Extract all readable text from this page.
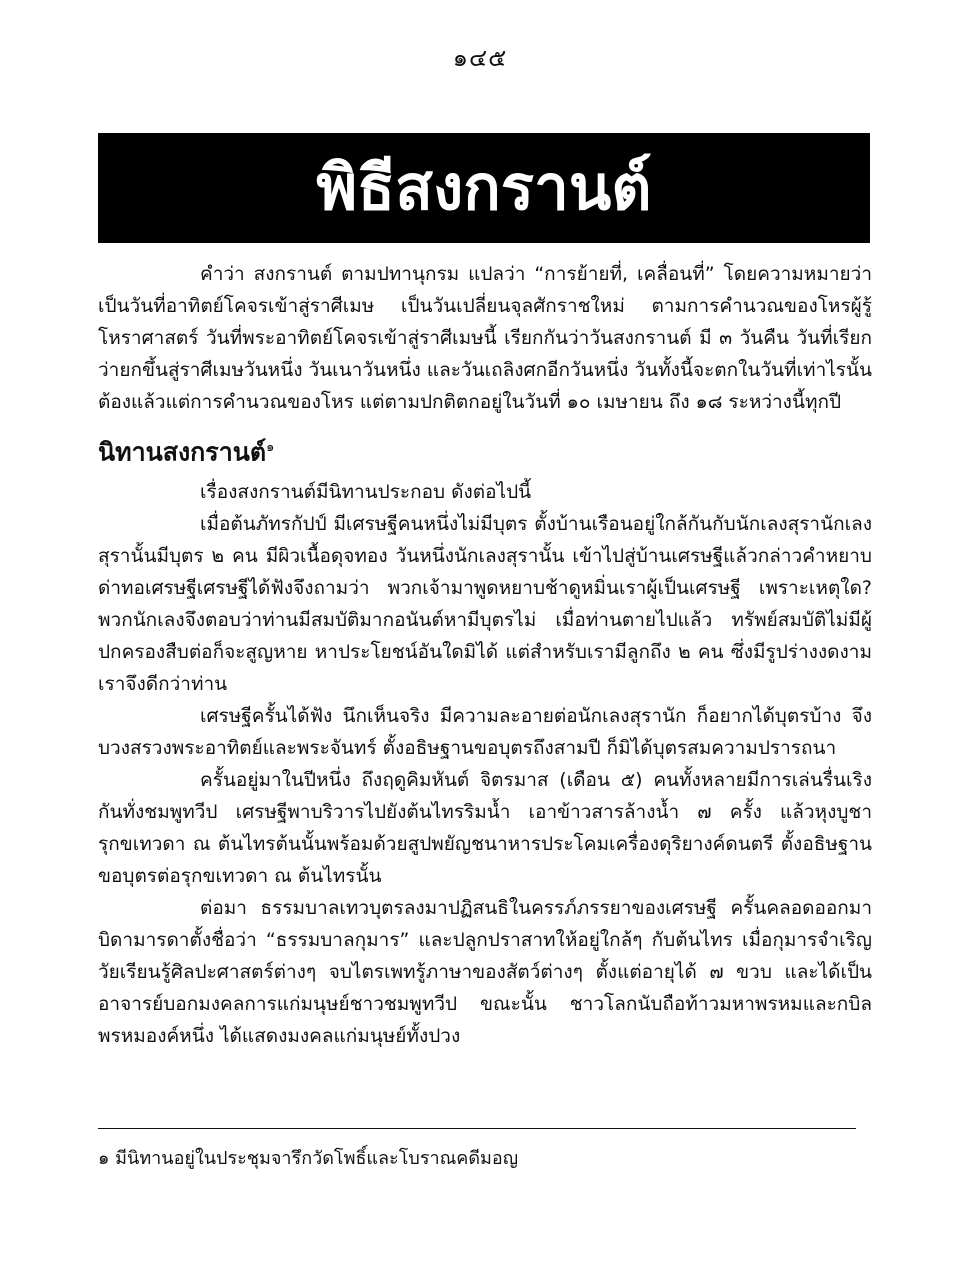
๑๔๕
พิธีสงกรานต์

คำว่า สงกรานต์ ตามปทานุกรม แปลว่า “การย้ายที่, เคลื่อนที่” โดยความหมายว่า เป็นวันที่อาทิตย์โคจรเข้าสู่ราศีเมษ เป็นวันเปลี่ยนจุลศักราชใหม่ ตามการคำนวณของโหรผู้รู้โหราศาสตร์ วันที่พระอาทิตย์โคจรเข้าสู่ราศีเมษนี้ เรียกกันว่าวันสงกรานต์ มี ๓ วันคืน วันที่เรียกว่ายกขึ้นสู่ราศีเมษวันหนึ่ง วันเนาวันหนึ่ง และวันเถลิงศกอีกวันหนึ่ง วันทั้งนี้จะตกในวันที่เท่าไรนั้น ต้องแล้วแต่การคำนวณของโหร แต่ตามปกติตกอยู่ในวันที่ ๑๐ เมษายน ถึง ๑๘ ระหว่างนี้ทุกปี

นิทานสงกรานต์$^๑$

เรื่องสงกรานต์มีนิทานประกอบ ดังต่อไปนี้

เมื่อต้นภัทรกัปป์ มีเศรษฐีคนหนึ่งไม่มีบุตร ตั้งบ้านเรือนอยู่ใกล้กันกับนักเลงสุรานักเลงสุรานั้นมีบุตร ๒ คน มีผิวเนื้อดุจทอง วันหนึ่งนักเลงสุรานั้น เข้าไปสู่บ้านเศรษฐีแล้วกล่าวคำหยาบด่าทอเศรษฐีเศรษฐีได้ฟังจึงถามว่า พวกเจ้ามาพูดหยาบช้าดูหมิ่นเราผู้เป็นเศรษฐี เพราะเหตุใด? พวกนักเลงจึงตอบว่าท่านมีสมบัติมากอนันต์หามีบุตรไม่ เมื่อท่านตายไปแล้ว ทรัพย์สมบัติไม่มีผู้ปกครองสืบต่อก็จะสูญหาย หาประโยชน์อันใดมิได้ แต่สำหรับเรามีลูกถึง ๒ คน ซึ่งมีรูปร่างงดงาม เราจึงดีกว่าท่าน

เศรษฐีครั้นได้ฟัง นึกเห็นจริง มีความละอายต่อนักเลงสุรานัก ก็อยากได้บุตรบ้าง จึงบวงสรวงพระอาทิตย์และพระจันทร์ ตั้งอธิษฐานขอบุตรถึงสามปี ก็มิได้บุตรสมความปรารถนา

ครั้นอยู่มาในปีหนึ่ง ถึงฤดูคิมหันต์ จิตรมาส (เดือน ๕) คนทั้งหลายมีการเล่นรื่นเริงกันทั่งชมพูทวีป เศรษฐีพาบริวารไปยังต้นไทรริมน้ำ เอาข้าวสารล้างน้ำ ๗ ครั้ง แล้วหุงบูชารุกขเทวดา ณ ต้นไทรต้นนั้นพร้อมด้วยสูปพยัญชนาหารประโคมเครื่องดุริยางค์ดนตรี ตั้งอธิษฐานขอบุตรต่อรุกขเทวดา ณ ต้นไทรนั้น

ต่อมา ธรรมบาลเทวบุตรลงมาปฏิสนธิในครรภ์ภรรยาของเศรษฐี ครั้นคลอดออกมา บิดามารดาตั้งชื่อว่า “ธรรมบาลกุมาร” และปลูกปราสาทให้อยู่ใกล้ๆ กับต้นไทร เมื่อกุมารจำเริญวัยเรียนรู้ศิลปะศาสตร์ต่างๆ จบไตรเพทรู้ภาษาของสัตว์ต่างๆ ตั้งแต่อายุได้ ๗ ขวบ และได้เป็นอาจารย์บอกมงคลการแก่มนุษย์ชาวชมพูทวีป ขณะนั้น ชาวโลกนับถือท้าวมหาพรหมและกบิลพรหมองค์หนึ่ง ได้แสดงมงคลแก่มนุษย์ทั้งปวง

๑ มีนิทานอยู่ในประชุมจารึกวัดโพธิ์และโบราณคดีมอญ
